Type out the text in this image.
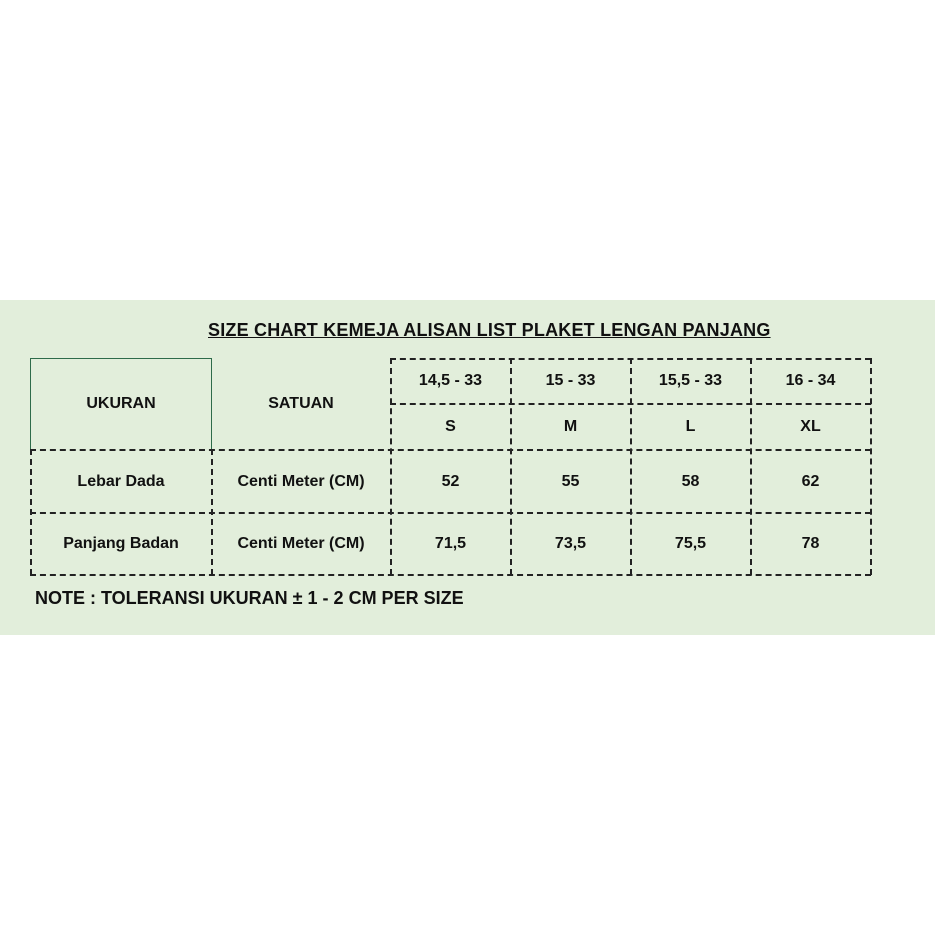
SIZE CHART KEMEJA ALISAN LIST PLAKET LENGAN PANJANG
UKURAN	SATUAN
14,5 - 33	15 - 33	15,5 - 33	16 - 34
S	M	L	XL
Lebar Dada	Centi Meter (CM)	52	55	58	62
Panjang Badan	Centi Meter (CM)	71,5	73,5	75,5	78
NOTE : TOLERANSI UKURAN ± 1 - 2 CM PER SIZE
